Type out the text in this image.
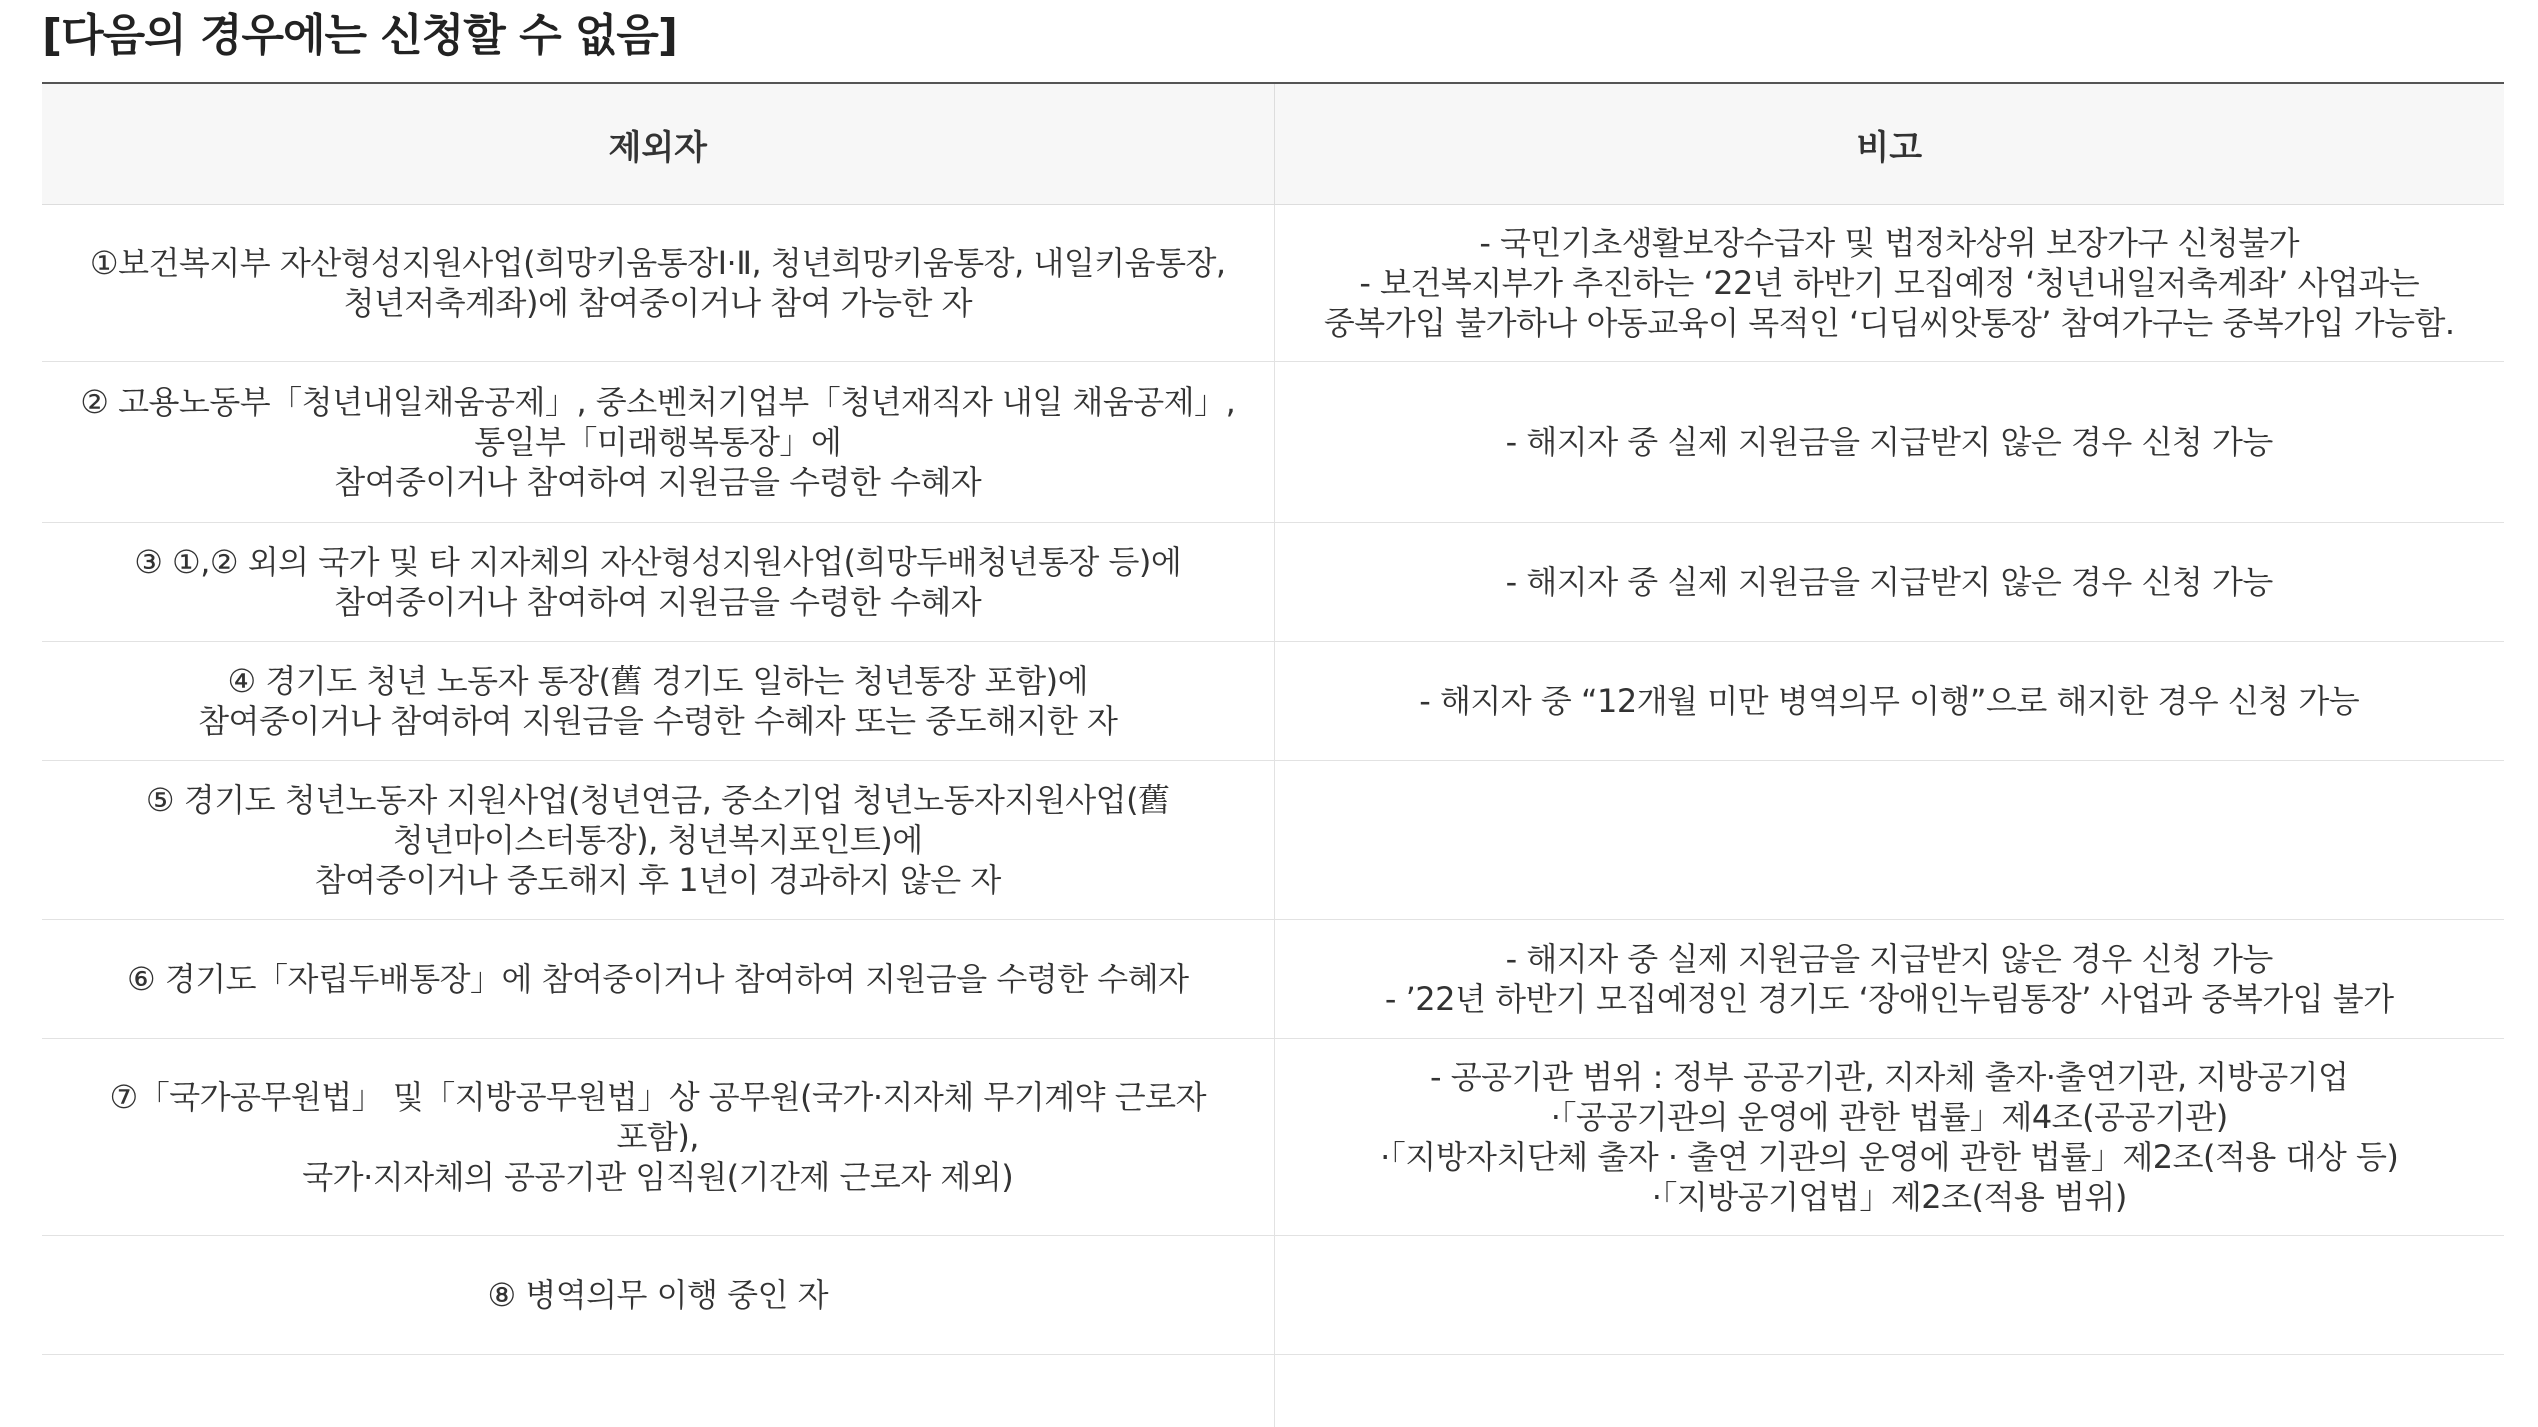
[다음의 경우에는 신청할 수 없음]
제외자	비고

①보건복지부 자산형성지원사업(희망키움통장Ⅰ·Ⅱ, 청년희망키움통장, 내일키움통장, 청년저축계좌)에 참여중이거나 참여 가능한 자	- 국민기초생활보장수급자 및 법정차상위 보장가구 신청불가
- 보건복지부가 추진하는 ‘22년 하반기 모집예정 ‘청년내일저축계좌’ 사업과는 중복가입 불가하나 아동교육이 목적인 ‘디딤씨앗통장’ 참여가구는 중복가입 가능함.

② 고용노동부「청년내일채움공제」, 중소벤처기업부「청년재직자 내일 채움공제」, 통일부「미래행복통장」에
참여중이거나 참여하여 지원금을 수령한 수혜자	- 해지자 중 실제 지원금을 지급받지 않은 경우 신청 가능

③ ①,② 외의 국가 및 타 지자체의 자산형성지원사업(희망두배청년통장 등)에
참여중이거나 참여하여 지원금을 수령한 수혜자	- 해지자 중 실제 지원금을 지급받지 않은 경우 신청 가능

④ 경기도 청년 노동자 통장(舊 경기도 일하는 청년통장 포함)에
참여중이거나 참여하여 지원금을 수령한 수혜자 또는 중도해지한 자	- 해지자 중 “12개월 미만 병역의무 이행”으로 해지한 경우 신청 가능

⑤ 경기도 청년노동자 지원사업(청년연금, 중소기업 청년노동자지원사업(舊 청년마이스터통장), 청년복지포인트)에
참여중이거나 중도해지 후 1년이 경과하지 않은 자	

⑥ 경기도「자립두배통장」에 참여중이거나 참여하여 지원금을 수령한 수혜자	- 해지자 중 실제 지원금을 지급받지 않은 경우 신청 가능
- ’22년 하반기 모집예정인 경기도 ‘장애인누림통장’ 사업과 중복가입 불가

⑦「국가공무원법」 및「지방공무원법」상 공무원(국가·지자체 무기계약 근로자 포함),
국가·지자체의 공공기관 임직원(기간제 근로자 제외)	- 공공기관 범위 : 정부 공공기관, 지자체 출자·출연기관, 지방공기업
·「공공기관의 운영에 관한 법률」제4조(공공기관)
·「지방자치단체 출자 · 출연 기관의 운영에 관한 법률」제2조(적용 대상 등)
·「지방공기업법」제2조(적용 범위)

⑧ 병역의무 이행 중인 자	
